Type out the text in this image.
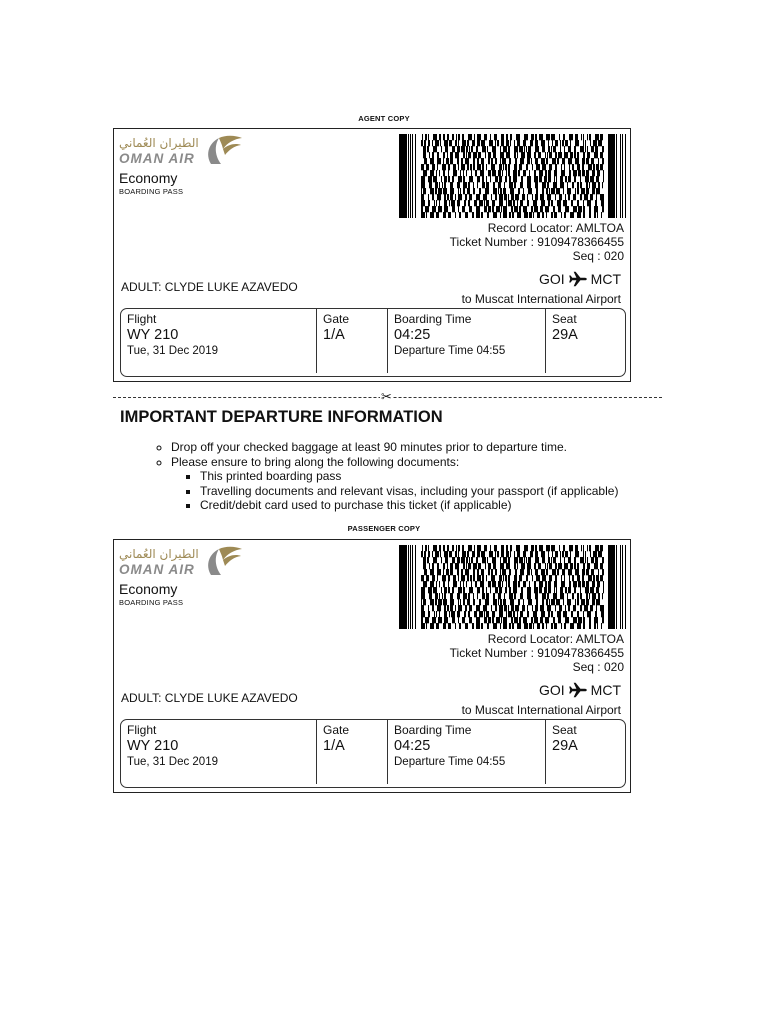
AGENT COPY
الطيران العُماني
OMAN AIR
Economy
BOARDING PASS
Record Locator: AMLTOA
Ticket Number : 9109478366455
Seq : 020
ADULT: CLYDE LUKE AZAVEDO	GOI MCT
to Muscat International Airport
Flight
WY 210
Tue, 31 Dec 2019
Gate
1/A
Boarding Time
04:25
Departure Time 04:55
Seat
29A
✂
IMPORTANT DEPARTURE INFORMATION
◦ Drop off your checked baggage at least 90 minutes prior to departure time.
◦ Please ensure to bring along the following documents:
▪ This printed boarding pass
▪ Travelling documents and relevant visas, including your passport (if applicable)
▪ Credit/debit card used to purchase this ticket (if applicable)
PASSENGER COPY
الطيران العُماني
OMAN AIR
Economy
BOARDING PASS
Record Locator: AMLTOA
Ticket Number : 9109478366455
Seq : 020
ADULT: CLYDE LUKE AZAVEDO	GOI MCT
to Muscat International Airport
Flight
WY 210
Tue, 31 Dec 2019
Gate
1/A
Boarding Time
04:25
Departure Time 04:55
Seat
29A
